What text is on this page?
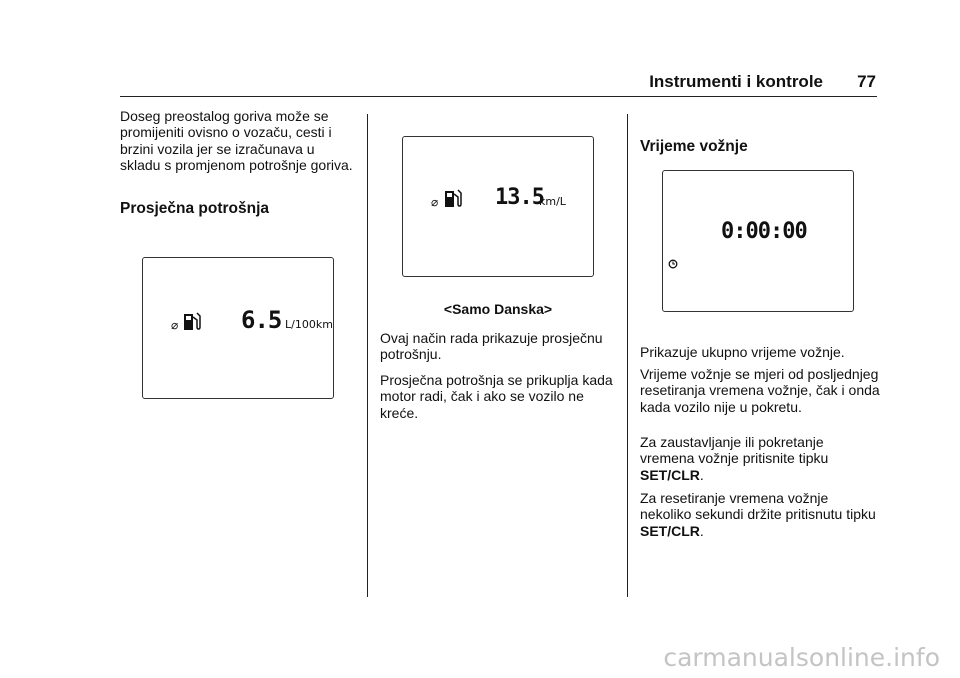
Instrumenti i kontrole	77

Doseg preostalog goriva može se promijeniti ovisno o vozaču, cesti i brzini vozila jer se izračunava u skladu s promjenom potrošnje goriva.

Prosječna potrošnja
⌀	6.5 L/100km
⌀	13.5
km/L

<Samo Danska>

Ovaj način rada prikazuje prosječnu potrošnju.

Prosječna potrošnja se prikuplja kada motor radi, čak i ako se vozilo ne kreće.

Vrijeme vožnje
0:00:00

Prikazuje ukupno vrijeme vožnje.

Vrijeme vožnje se mjeri od posljednjeg resetiranja vremena vožnje, čak i onda kada vozilo nije u pokretu.

Za zaustavljanje ili pokretanje vremena vožnje pritisnite tipku SET/CLR.

Za resetiranje vremena vožnje nekoliko sekundi držite pritisnutu tipku SET/CLR.

carmanualsonline.info
